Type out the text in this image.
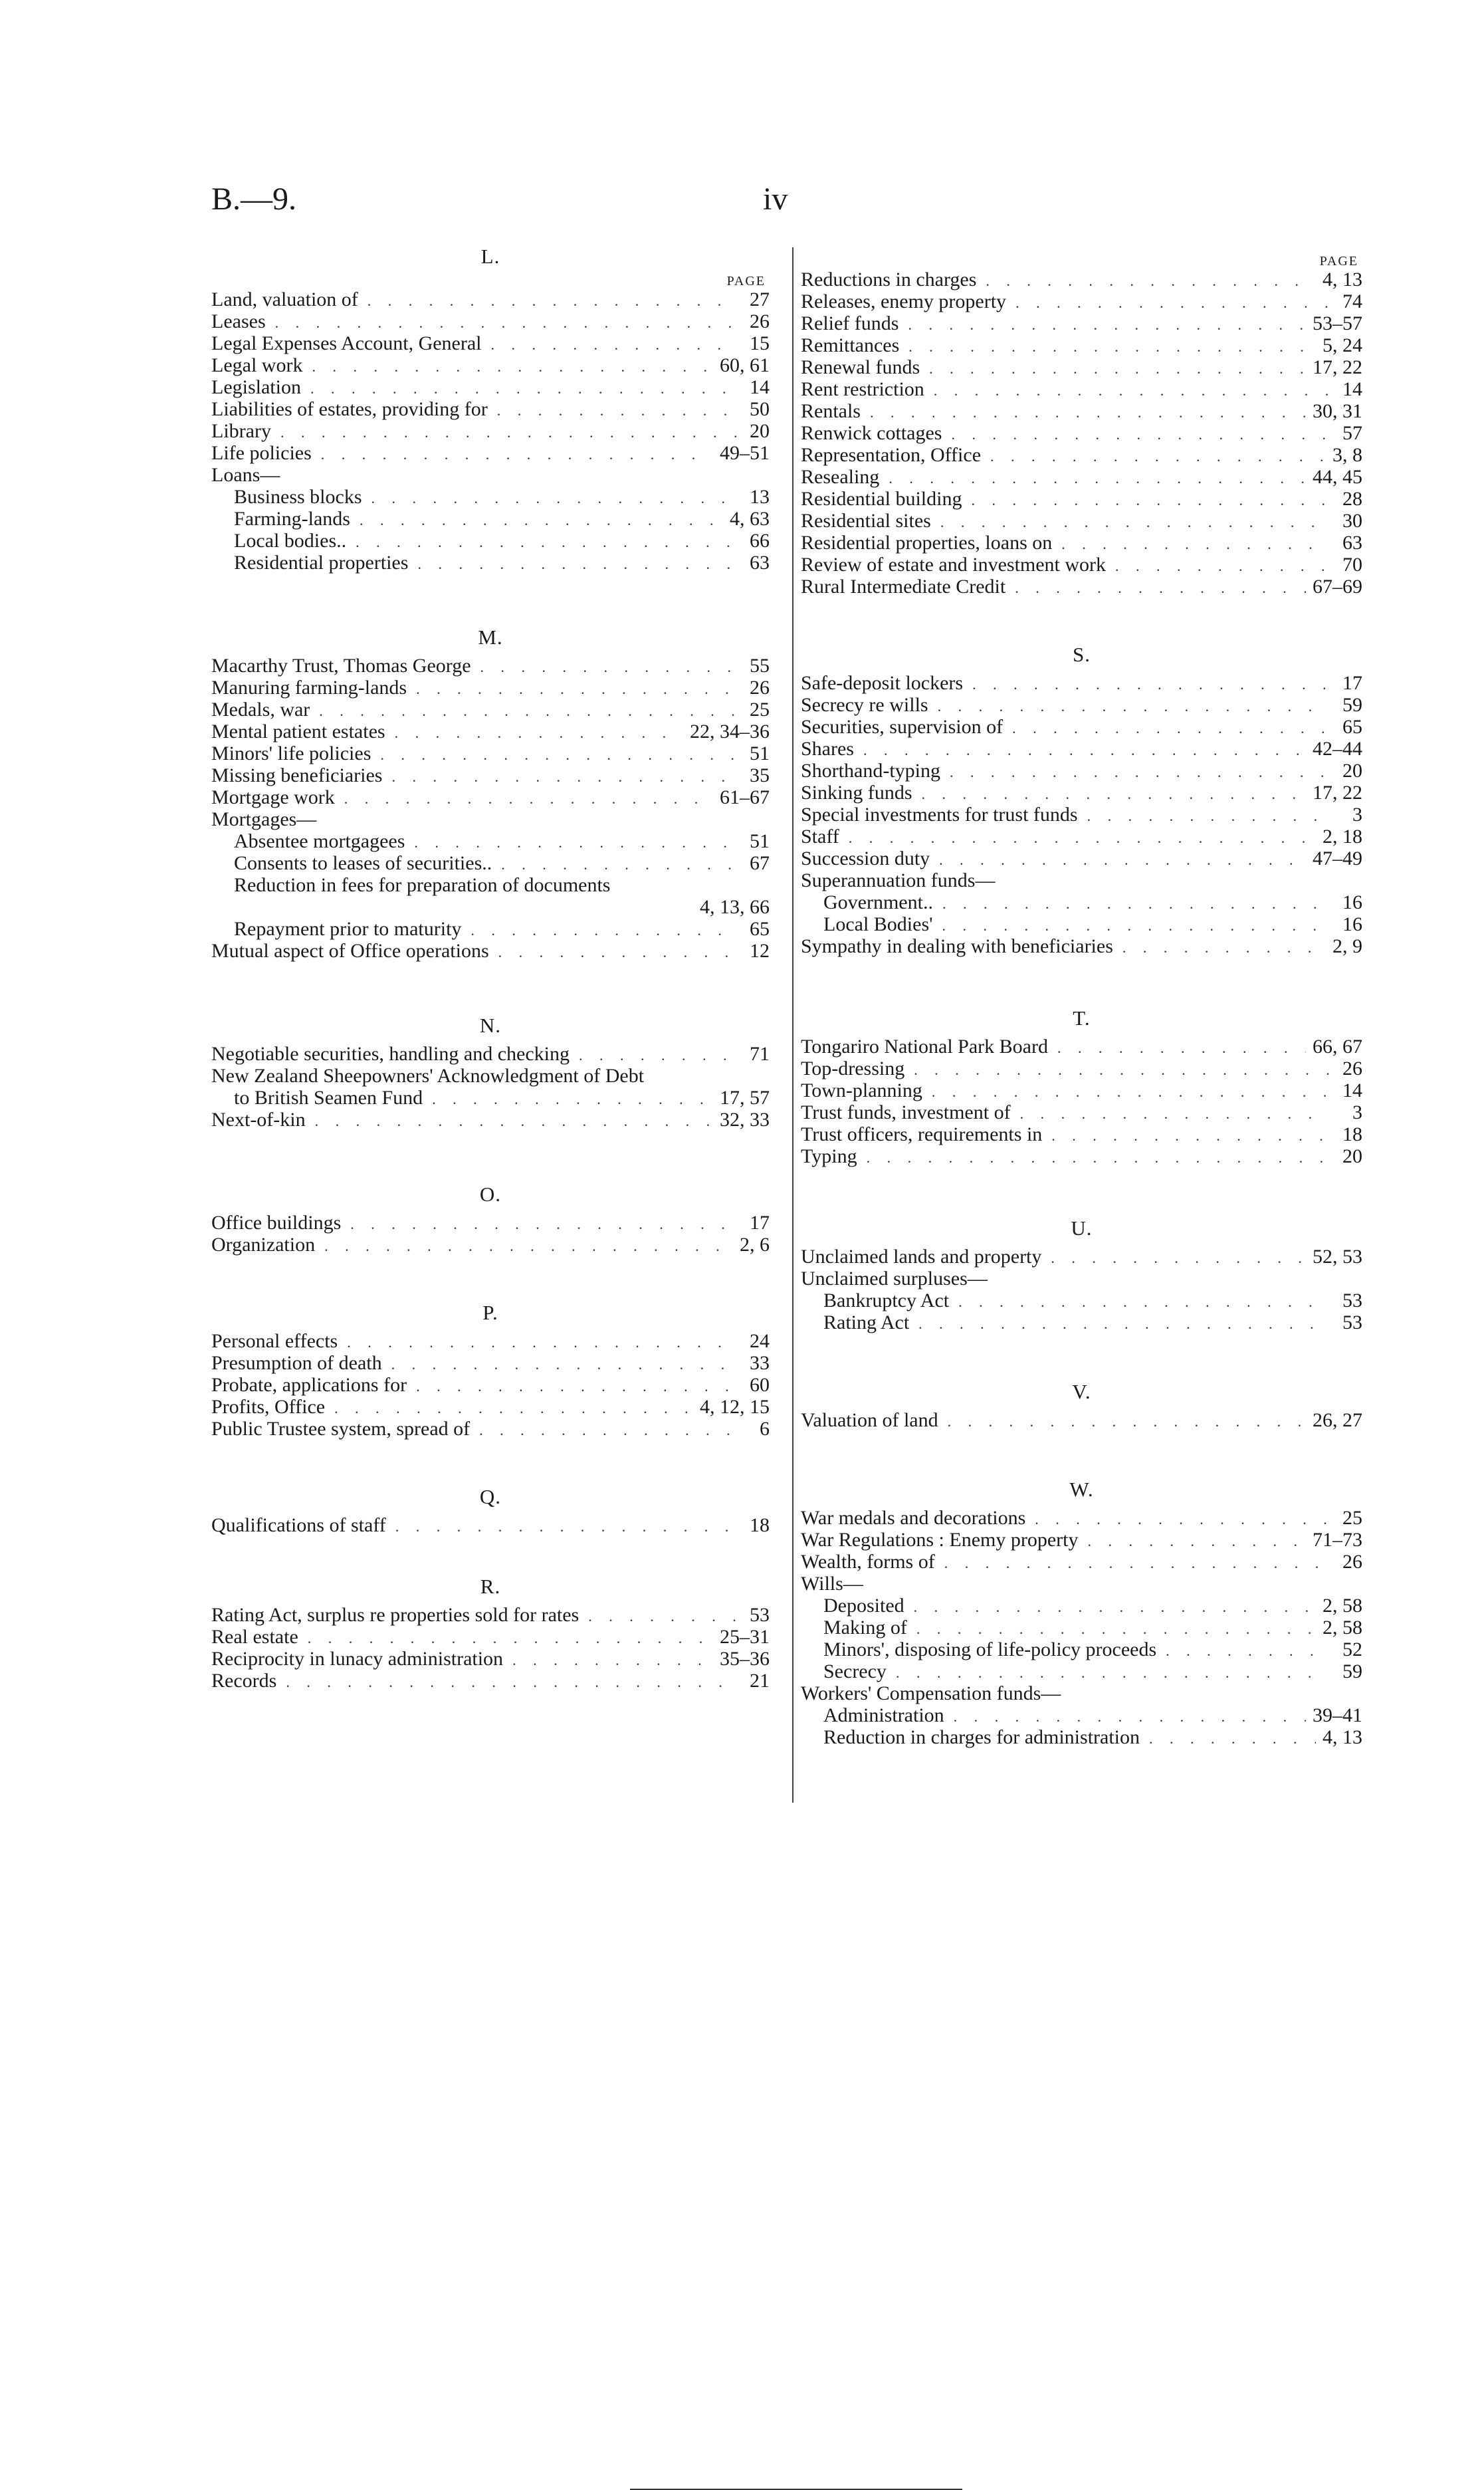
B.—9.	iv
L.
PAGE
Land, valuation of . . .	27
Leases . . .	26
Legal Expenses Account, General . . .	15
Legal work . . .	60, 61
Legislation . . .	14
Liabilities of estates, providing for . . .	50
Library . . .	20
Life policies . . .	49–51
Loans—
Business blocks . . .	13
Farming-lands . . .	4, 63
Local bodies.. . . .	66
Residential properties . . .	63
M.
Macarthy Trust, Thomas George . . .	55
Manuring farming-lands . . .	26
Medals, war . . .	25
Mental patient estates . . .	22, 34–36
Minors' life policies . . .	51
Missing beneficiaries . . .	35
Mortgage work . . .	61–67
Mortgages—
Absentee mortgagees . . .	51
Consents to leases of securities.. . . .	67
Reduction in fees for preparation of documents
4, 13, 66
Repayment prior to maturity . . .	65
Mutual aspect of Office operations . . .	12
N.
Negotiable securities, handling and checking . . .	71
New Zealand Sheepowners' Acknowledgment of Debt
to British Seamen Fund . . .	17, 57
Next-of-kin . . .	32, 33
O.
Office buildings . . .	17
Organization . . .	2, 6
P.
Personal effects . . .	24
Presumption of death . . .	33
Probate, applications for . . .	60
Profits, Office . . .	4, 12, 15
Public Trustee system, spread of . . .	6
Q.
Qualifications of staff . . .	18
R.
Rating Act, surplus re properties sold for rates . . .	53
Real estate . . .	25–31
Reciprocity in lunacy administration . . .	35–36
Records . . .	21
PAGE
Reductions in charges . . .	4, 13
Releases, enemy property . . .	74
Relief funds . . .	53–57
Remittances . . .	5, 24
Renewal funds . . .	17, 22
Rent restriction . . .	14
Rentals . . .	30, 31
Renwick cottages . . .	57
Representation, Office . . .	3, 8
Resealing . . .	44, 45
Residential building . . .	28
Residential sites . . .	30
Residential properties, loans on . . .	63
Review of estate and investment work . . .	70
Rural Intermediate Credit . . .	67–69
S.
Safe-deposit lockers . . .	17
Secrecy re wills . . .	59
Securities, supervision of . . .	65
Shares . . .	42–44
Shorthand-typing . . .	20
Sinking funds . . .	17, 22
Special investments for trust funds . . .	3
Staff . . .	2, 18
Succession duty . . .	47–49
Superannuation funds—
Government.. . . .	16
Local Bodies' . . .	16
Sympathy in dealing with beneficiaries . . .	2, 9
T.
Tongariro National Park Board . . .	66, 67
Top-dressing . . .	26
Town-planning . . .	14
Trust funds, investment of . . .	3
Trust officers, requirements in . . .	18
Typing . . .	20
U.
Unclaimed lands and property . . .	52, 53
Unclaimed surpluses—
Bankruptcy Act . . .	53
Rating Act . . .	53
V.
Valuation of land . . .	26, 27
W.
War medals and decorations . . .	25
War Regulations : Enemy property . . .	71–73
Wealth, forms of . . .	26
Wills—
Deposited . . .	2, 58
Making of . . .	2, 58
Minors', disposing of life-policy proceeds . . .	52
Secrecy . . .	59
Workers' Compensation funds—
Administration . . .	39–41
Reduction in charges for administration . . .	4, 13
